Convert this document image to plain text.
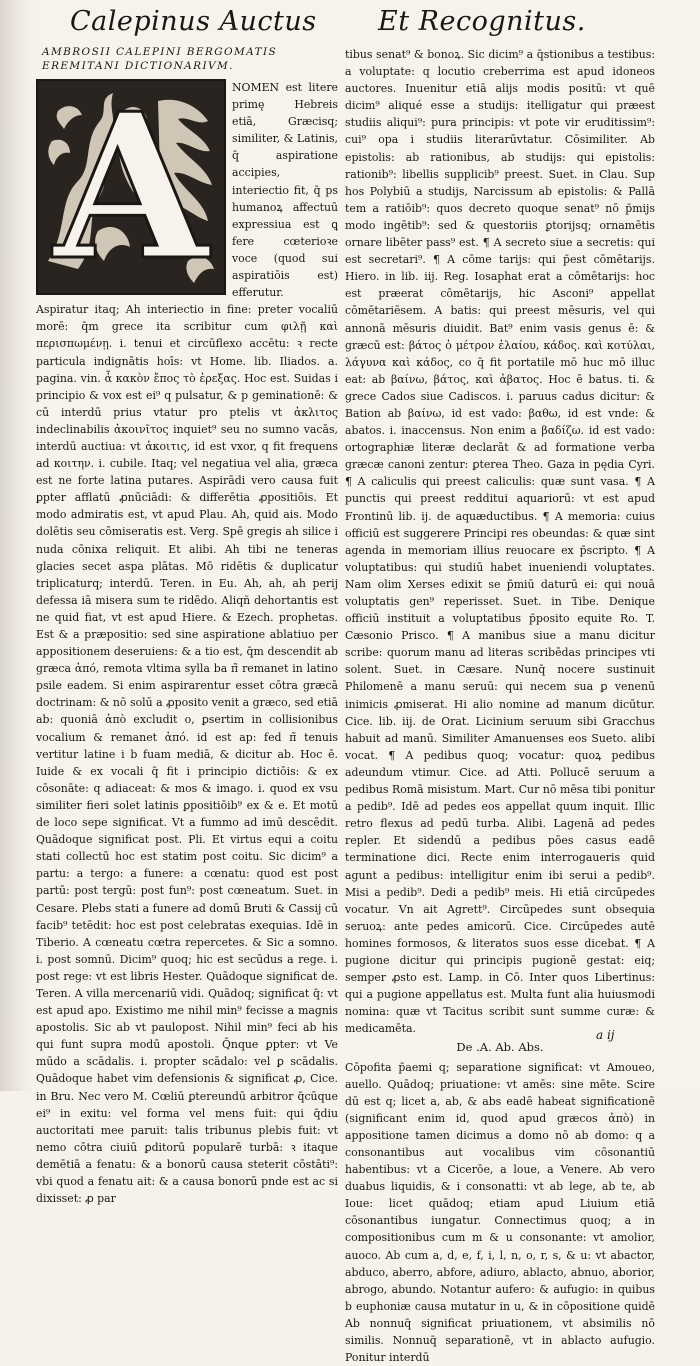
Calepinus Auctus Et Recognitus.
AMBROSII CALEPINI BERGOMATIS
EREMITANI DICTIONARIVM.
A	NOMEN est litere primę Hebreis etiā, Græcisq; similiter, & Latinis, q̄ aspiratione accipies, interiectio fit, q̄ ps humanoꝝ affectuū expressiua est ꝗ fere cœterioꝛe voce (quod sui aspiratiōis est) efferutur. Aspiratur itaq; Ah interiectio in fine: preter vocaliū morē: q̄m grece ita scribitur cum φιλῇ καὶ περισπωμένῃ. i. tenui et circūflexo accētu: ꝛ recte particula indignātis hoīs: vt Home. lib. Iliados. a. pagina. vin. ἆ κακὸν ἔπος τὸ ἐρεξας. Hoc est. Suidas i principio & vox est ei⁹ q pulsatur, & p geminationē: & cū interdū prius vtatur pro ptelis vt ἀκλιτος indeclinabilis ἀκοινῖτος inquiet⁹ seu no sumno vacās, interdū auctiua: vt ἀκοιτις, id est vxor, q fit frequens ad κοιτην. i. cubile. Itaq; vel negatiua vel alia, græca est ne forte latina putares. Aspirādi vero causa fuit ꝑpter afflatū ꝓnūciādi: & differētia ꝓpositiōis. Et modo admiratis est, vt apud Plau. Ah, quid ais. Modo dolētis seu cōmiseratis est. Verg. Spē gregis ah silice i nuda cōnixa reliquit. Et alibi. Ah tibi ne teneras glacies secet aspa plātas. Mō ridētis & duplicatur triplicaturq; interdū. Teren. in Eu. Ah, ah, ah perij defessa iā misera sum te ridēdo. Aliqñ dehortantis est ne quid fiat, vt est apud Hiere. & Ezech. prophetas. Est & a præpositio: sed sine aspiratione ablatiuo per appositionem deseruiens: & a tio est, q̄m descendit ab græca ἀπό, remota vltima sylla ba π̃ remanet in latino psile eadem. Si enim aspirarentur esset cōtra græcā doctrinam: & nō solū a ꝓposito venit a græco, sed etiā ab: quoniā ἀπὸ excludit o, ꝑsertim in collisionibus vocalium & remanet ἀπό. id est ap: fed π̃ tenuis vertitur latine i b fuam mediā, & dicitur ab. Hoc ē. Iuide & ex vocali q̄ fit i principio dictiōis: & ex cōsonāte: q adiaceat: & mos & imago. i. quod ex vsu similiter fieri solet latinis ꝑpositiōib⁹ ex & e. Et motū de loco sepe significat. Vt a fummo ad imū descēdit. Quādoque significat post. Pli. Et virtus equi a coitu stati collectū hoc est statim post coitu. Sic dicim⁹ a partu: a tergo: a funere: a cœnatu: quod est post partū: post tergū: post fun⁹: post cœneatum. Suet. in Cesare. Plebs stati a funere ad domū Bruti & Cassij cū facib⁹ tetēdit: hoc est post celebratas exequias. Idē in Tiberio. A cœneatu cœtra repercetes. & Sic a somno. i. post somnū. Dicim⁹ quoq; hic est secūdus a rege. i. post rege: vt est libris Hester. Quādoque significat de. Teren. A villa mercenariū vidi. Quādoq; significat q̄: vt est apud apo. Existimo me nihil min⁹ fecisse a magnis apostolis. Sic ab vt paulopost. Nihil min⁹ feci ab his qui funt supra modū apostoli. Q̄nque ꝑpter: vt Ve mūdo a scādalis. i. propter scādalo: vel ꝑ scādalis. Quādoque habet vim defensionis & significat ꝓ, Cice. in Bru. Nec vero M. Cœliū ꝑtereundū arbitror q̄cūque ei⁹ in exitu: vel forma vel mens fuit: qui q̄diu auctoritati mee paruit: talis tribunus plebis fuit: vt nemo cōtra ciuiū ꝑditorū popularē turbā: ꝛ itaque demētiā a fenatu: & a bonorū causa steterit cōstāti⁹: vbi quod a fenatu ait: & a causa bonorū pnde est ac si dixisset: ꝓ par

tibus senat⁹ & bonoꝝ. Sic dicim⁹ a q̄stionibus a testibus: a voluptate: q locutio creberrima est apud idoneos auctores. Inuenitur etiā alijs modis positū: vt quē dicim⁹ aliqué esse a studijs: itelligatur qui præest studiis aliqui⁹: pura principis: vt pote vir eruditissim⁹: cui⁹ opa i studiis literarūvtatur. Cōsimiliter. Ab epistolis: ab rationibus, ab studijs: qui epistolis: rationib⁹: libellis supplicib⁹ preest. Suet. in Clau. Sup hos Polybiū a studijs, Narcissum ab epistolis: & Pallā tem a ratiōib⁹: quos decreto quoque senat⁹ nō p̄mijs modo ingētib⁹: sed & questoriis ꝑtorijsq; ornamētis ornare libēter pass⁹ est. ¶ A secreto siue a secretis: qui est secretari⁹. ¶ A cōme tarijs: qui p̄est cōmētarijs. Hiero. in lib. iij. Reg. Iosaphat erat a cōmētarijs: hoc est præerat cōmētarijs, hic Asconi⁹ appellat cōmētariēsem. A batis: qui preest mēsuris, vel qui annonā mēsuris diuidit. Bat⁹ enim vasis genus ē: & græcū est: βάτος ὁ μέτρον ἐλαίου, κάδος. καὶ κοτύλαι, λάγυνα καὶ κάδος, co q̄ fit portatile mō huc mō illuc eat: ab βαίνω, βάτος, καὶ ἀβατος. Hoc ē batus. ti. & grece Cados siue Cadiscos. i. paruus cadus dicitur: & Bation ab βαίνω, id est vado: βαθω, id est vnde: & abatos. i. inaccensus. Non enim a βαδίζω. id est vado: ortographiæ literæ declarāt & ad formatione verba græcæ canoni zentur: ꝑterea Theo. Gaza in pędia Cyri. ¶ A caliculis qui preest caliculis: quæ sunt vasa. ¶ A punctis qui preest redditui aquariorū: vt est apud Frontinū lib. ij. de aquæductibus. ¶ A memoria: cuius officiū est suggerere Principi res obeundas: & quæ sint agenda in memoriam illius reuocare ex p̄scripto. ¶ A voluptatibus: qui studiū habet inueniendi voluptates. Nam olim Xerses edixit se p̄miū daturū ei: qui nouā voluptatis gen⁹ reperisset. Suet. in Tibe. Denique officiū instituit a voluptatibus p̄posito equite Ro. T. Cæsonio Prisco. ¶ A manibus siue a manu dicitur scribe: quorum manu ad literas scribēdas principes vti solent. Suet. in Cæsare. Nunq̄ nocere sustinuit Philomenē a manu seruū: qui necem sua ꝑ venenū inimicis ꝓmiserat. Hi alio nomine ad manum dicūtur. Cice. lib. iij. de Orat. Licinium seruum sibi Gracchus habuit ad manū. Similiter Amanuenses eos Sueto. alibi vocat. ¶ A pedibus quoq; vocatur: quoꝝ pedibus adeundum vtimur. Cice. ad Atti. Pollucē seruum a pedibus Romā misistum. Mart. Cur nō mēsa tibi ponitur a pedib⁹. Idē ad pedes eos appellat quum inquit. Illic retro flexus ad pedū turba. Alibi. Lagenā ad pedes repler. Et sidendū a pedibus pōes casus eadē terminatione dici. Recte enim interrogaueris quid agunt a pedibus: intelligitur enim ibi serui a pedib⁹. Misi a pedib⁹. Dedi a pedib⁹ meis. Hi etiā circūpedes vocatur. Vn ait Agrett⁹. Circūpedes sunt obsequia seruoꝝ: ante pedes amicorū. Cice. Circūpedes autē homines formosos, & literatos suos esse dicebat. ¶ A pugione dicitur qui principis pugionē gestat: eiq; semper ꝓsto est. Lamp. in Cō. Inter quos Libertinus: qui a pugione appellatus est. Multa funt alia huiusmodi nomina: quæ vt Tacitus scribit sunt summe curæ: & medicamēta.

De .A. Ab. Abs.

Cōpofita p̄aemi q; separatione significat: vt Amoueo, auello. Quādoq; priuatione: vt amēs: sine mēte. Scire dū est q; licet a, ab, & abs eadē habeat significationē (significant enim id, quod apud græcos ἀπὸ) in appositione tamen dicimus a domo nō ab domo: q a consonantibus aut vocalibus vim cōsonantiū habentibus: vt a Cicerōe, a loue, a Venere. Ab vero duabus liquidis, & i consonatti: vt ab lege, ab te, ab Ioue: licet quādoq; etiam apud Liuium etiā cōsonantibus iungatur. Connectimus quoq; a in compositionibus cum m & u consonante: vt amolior, auoco. Ab cum a, d, e, f, i, l, n, o, r, s, & u: vt abactor, abduco, aberro, abfore, adiuro, ablacto, abnuo, aborior, abrogo, abundo. Notantur aufero: & aufugio: in quibus b euphoniæ causa mutatur in u, & in cōpositione quidē Ab nonnuq̄ significat priuationem, vt absimilis nō similis. Nonnuq̄ separationē, vt in ablacto aufugio. Ponitur interdū

a ij
